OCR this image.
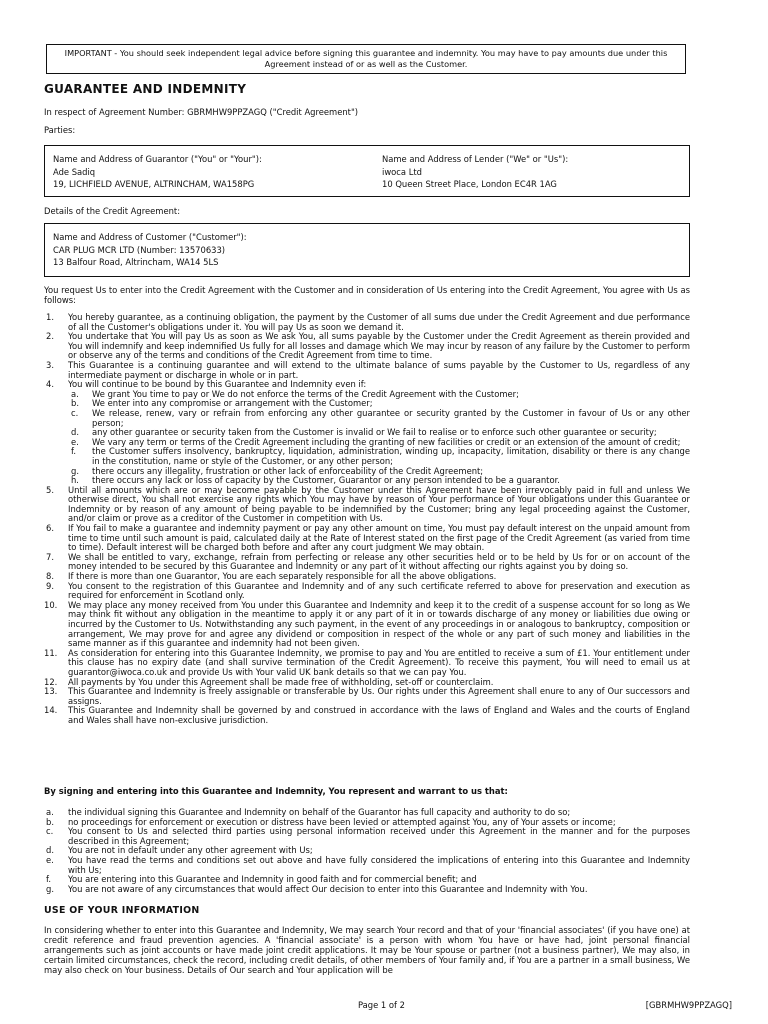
IMPORTANT - You should seek independent legal advice before signing this guarantee and indemnity. You may have to pay amounts due under this Agreement instead of or as well as the Customer.
GUARANTEE AND INDEMNITY
In respect of Agreement Number: GBRMHW9PPZAGQ ("Credit Agreement")
Parties:
Name and Address of Guarantor ("You" or "Your"):
Ade Sadiq
19, LICHFIELD AVENUE, ALTRINCHAM, WA158PG
Name and Address of Lender ("We" or "Us"):
iwoca Ltd
10 Queen Street Place, London EC4R 1AG
Details of the Credit Agreement:
Name and Address of Customer ("Customer"):
CAR PLUG MCR LTD (Number: 13570633)
13 Balfour Road, Altrincham, WA14 5LS
You request Us to enter into the Credit Agreement with the Customer and in consideration of Us entering into the Credit Agreement, You agree with Us as follows:
1. You hereby guarantee, as a continuing obligation, the payment by the Customer of all sums due under the Credit Agreement and due performance of all the Customer's obligations under it. You will pay Us as soon we demand it.
2. You undertake that You will pay Us as soon as We ask You, all sums payable by the Customer under the Credit Agreement as therein provided and You will indemnify and keep indemnified Us fully for all losses and damage which We may incur by reason of any failure by the Customer to perform or observe any of the terms and conditions of the Credit Agreement from time to time.
3. This Guarantee is a continuing guarantee and will extend to the ultimate balance of sums payable by the Customer to Us, regardless of any intermediate payment or discharge in whole or in part.
4. You will continue to be bound by this Guarantee and Indemnity even if:
a. We grant You time to pay or We do not enforce the terms of the Credit Agreement with the Customer;
b. We enter into any compromise or arrangement with the Customer;
c. We release, renew, vary or refrain from enforcing any other guarantee or security granted by the Customer in favour of Us or any other person;
d. any other guarantee or security taken from the Customer is invalid or We fail to realise or to enforce such other guarantee or security;
e. We vary any term or terms of the Credit Agreement including the granting of new facilities or credit or an extension of the amount of credit;
f. the Customer suffers insolvency, bankruptcy, liquidation, administration, winding up, incapacity, limitation, disability or there is any change in the constitution, name or style of the Customer, or any other person;
g. there occurs any illegality, frustration or other lack of enforceability of the Credit Agreement;
h. there occurs any lack or loss of capacity by the Customer, Guarantor or any person intended to be a guarantor.
5. Until all amounts which are or may become payable by the Customer under this Agreement have been irrevocably paid in full and unless We otherwise direct, You shall not exercise any rights which You may have by reason of Your performance of Your obligations under this Guarantee or Indemnity or by reason of any amount of being payable to be indemnified by the Customer; bring any legal proceeding against the Customer, and/or claim or prove as a creditor of the Customer in competition with Us.
6. If You fail to make a guarantee and indemnity payment or pay any other amount on time, You must pay default interest on the unpaid amount from time to time until such amount is paid, calculated daily at the Rate of Interest stated on the first page of the Credit Agreement (as varied from time to time). Default interest will be charged both before and after any court judgment We may obtain.
7. We shall be entitled to vary, exchange, refrain from perfecting or release any other securities held or to be held by Us for or on account of the money intended to be secured by this Guarantee and Indemnity or any part of it without affecting our rights against you by doing so.
8. If there is more than one Guarantor, You are each separately responsible for all the above obligations.
9. You consent to the registration of this Guarantee and Indemnity and of any such certificate referred to above for preservation and execution as required for enforcement in Scotland only.
10. We may place any money received from You under this Guarantee and Indemnity and keep it to the credit of a suspense account for so long as We may think fit without any obligation in the meantime to apply it or any part of it in or towards discharge of any money or liabilities due owing or incurred by the Customer to Us. Notwithstanding any such payment, in the event of any proceedings in or analogous to bankruptcy, composition or arrangement, We may prove for and agree any dividend or composition in respect of the whole or any part of such money and liabilities in the same manner as if this guarantee and indemnity had not been given.
11. As consideration for entering into this Guarantee Indemnity, we promise to pay and You are entitled to receive a sum of £1. Your entitlement under this clause has no expiry date (and shall survive termination of the Credit Agreement). To receive this payment, You will need to email us at guarantor@iwoca.co.uk and provide Us with Your valid UK bank details so that we can pay You.
12. All payments by You under this Agreement shall be made free of withholding, set-off or counterclaim.
13. This Guarantee and Indemnity is freely assignable or transferable by Us. Our rights under this Agreement shall enure to any of Our successors and assigns.
14. This Guarantee and Indemnity shall be governed by and construed in accordance with the laws of England and Wales and the courts of England and Wales shall have non-exclusive jurisdiction.
By signing and entering into this Guarantee and Indemnity, You represent and warrant to us that:
a. the individual signing this Guarantee and Indemnity on behalf of the Guarantor has full capacity and authority to do so;
b. no proceedings for enforcement or execution or distress have been levied or attempted against You, any of Your assets or income;
c. You consent to Us and selected third parties using personal information received under this Agreement in the manner and for the purposes described in this Agreement;
d. You are not in default under any other agreement with Us;
e. You have read the terms and conditions set out above and have fully considered the implications of entering into this Guarantee and Indemnity with Us;
f. You are entering into this Guarantee and Indemnity in good faith and for commercial benefit; and
g. You are not aware of any circumstances that would affect Our decision to enter into this Guarantee and Indemnity with You.
USE OF YOUR INFORMATION
In considering whether to enter into this Guarantee and Indemnity, We may search Your record and that of your 'financial associates' (if you have one) at credit reference and fraud prevention agencies. A 'financial associate' is a person with whom You have or have had, joint personal financial arrangements such as joint accounts or have made joint credit applications. It may be Your spouse or partner (not a business partner), We may also, in certain limited circumstances, check the record, including credit details, of other members of Your family and, if You are a partner in a small business, We may also check on Your business. Details of Our search and Your application will be
Page 1 of 2	[GBRMHW9PPZAGQ]
